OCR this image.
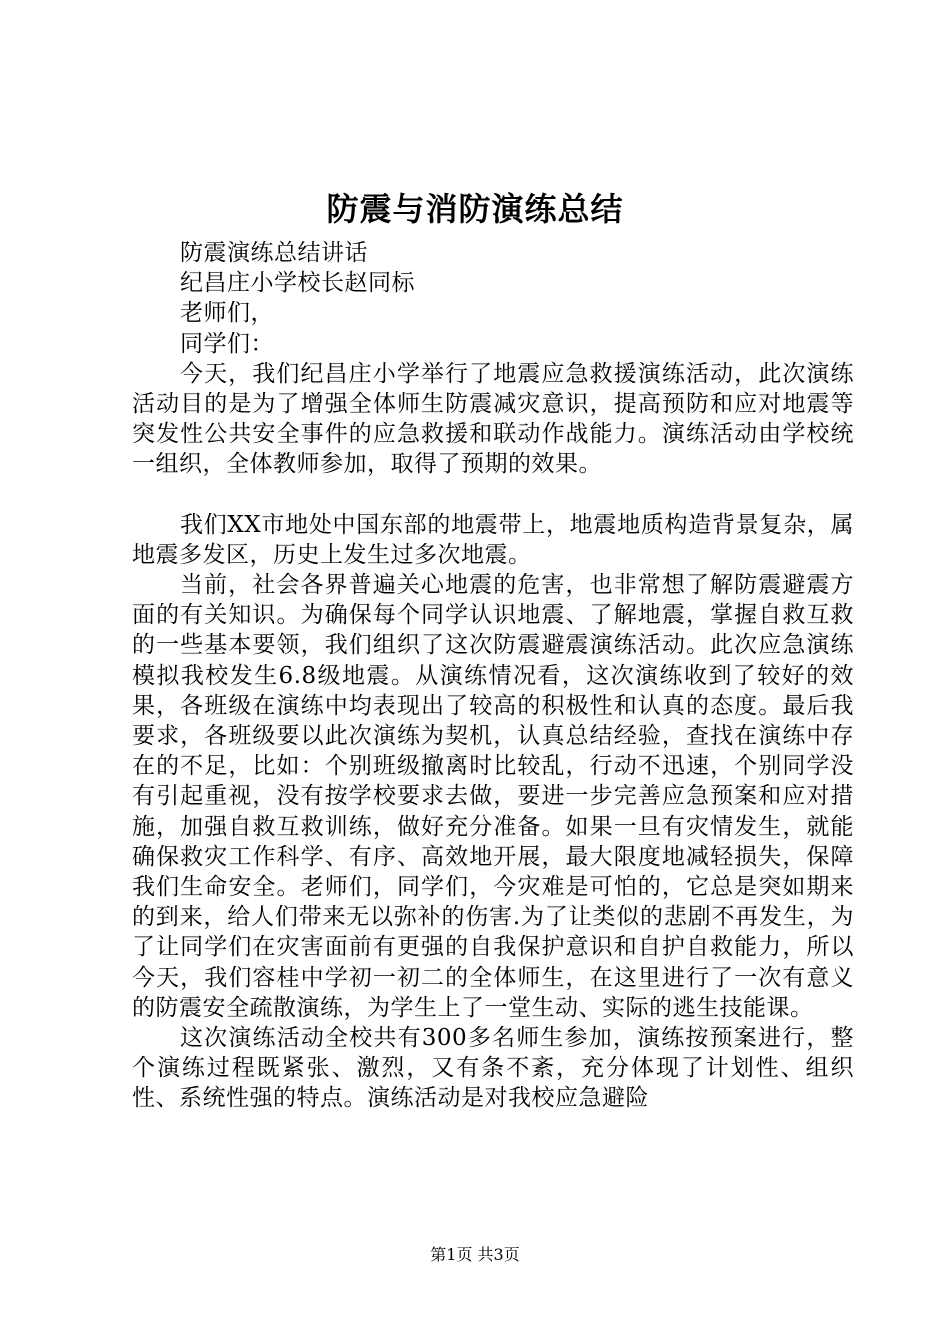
防震与消防演练总结

防震演练总结讲话

纪昌庄小学校长赵同标

老师们，

同学们：

今天，我们纪昌庄小学举行了地震应急救援演练活动，此次演练活动目的是为了增强全体师生防震减灾意识，提高预防和应对地震等突发性公共安全事件的应急救援和联动作战能力。演练活动由学校统一组织，全体教师参加，取得了预期的效果。

我们XX市地处中国东部的地震带上，地震地质构造背景复杂，属地震多发区，历史上发生过多次地震。

当前，社会各界普遍关心地震的危害，也非常想了解防震避震方面的有关知识。为确保每个同学认识地震、了解地震，掌握自救互救的一些基本要领，我们组织了这次防震避震演练活动。此次应急演练模拟我校发生6.8级地震。从演练情况看，这次演练收到了较好的效果，各班级在演练中均表现出了较高的积极性和认真的态度。最后我要求，各班级要以此次演练为契机，认真总结经验，查找在演练中存在的不足，比如：个别班级撤离时比较乱，行动不迅速，个别同学没有引起重视，没有按学校要求去做，要进一步完善应急预案和应对措施，加强自救互救训练，做好充分准备。如果一旦有灾情发生，就能确保救灾工作科学、有序、高效地开展，最大限度地减轻损失，保障我们生命安全。老师们，同学们，今灾难是可怕的，它总是突如期来的到来，给人们带来无以弥补的伤害.为了让类似的悲剧不再发生，为了让同学们在灾害面前有更强的自我保护意识和自护自救能力，所以今天，我们容桂中学初一初二的全体师生，在这里进行了一次有意义的防震安全疏散演练，为学生上了一堂生动、实际的逃生技能课。

这次演练活动全校共有300多名师生参加，演练按预案进行，整个演练过程既紧张、激烈，又有条不紊，充分体现了计划性、组织性、系统性强的特点。演练活动是对我校应急避险

第1页 共3页
